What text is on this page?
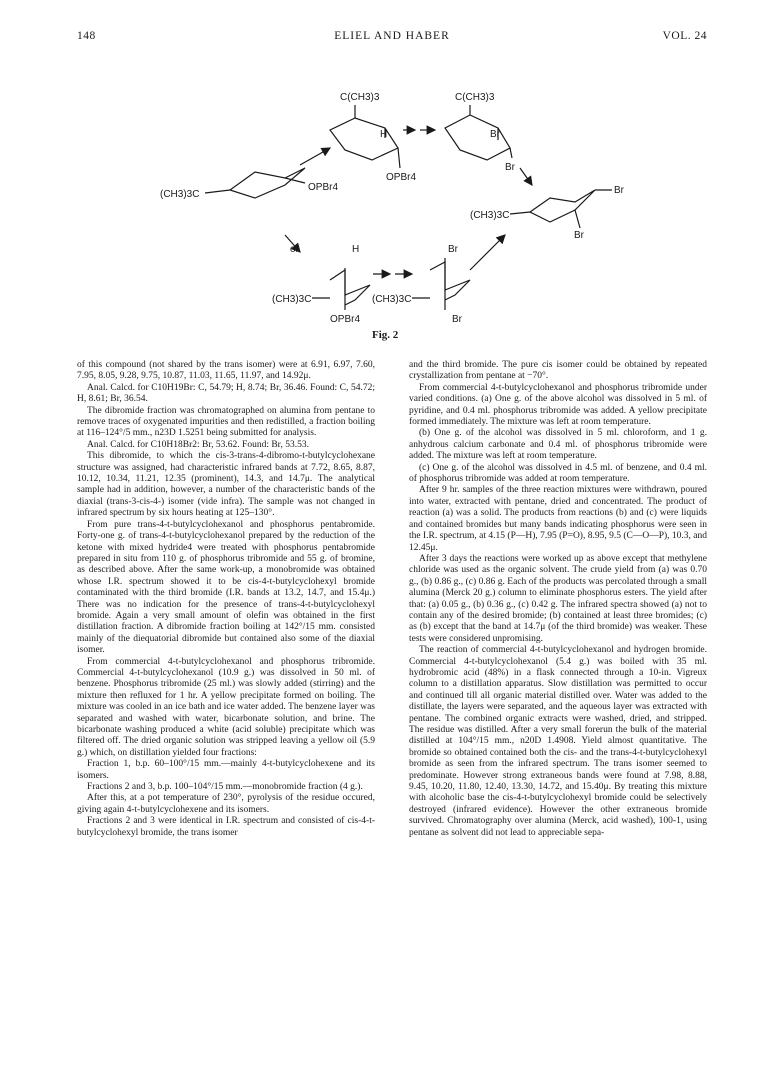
148	ELIEL AND HABER	VOL. 24
C(CH3)3	C(CH3)3
H	Br
OPBr4
Br
(CH3)3C
OPBr4
(CH3)3C
Br
Br
or	H	Br
(CH3)3C	(CH3)3C
OPBr4	Br
Fig. 2

of this compound (not shared by the trans isomer) were at 6.91, 6.97, 7.60, 7.95, 8.05, 9.28, 9.75, 10.87, 11.03, 11.65, 11.97, and 14.92μ.

Anal. Calcd. for C10H19Br: C, 54.79; H, 8.74; Br, 36.46. Found: C, 54.72; H, 8.61; Br, 36.54.

The dibromide fraction was chromatographed on alumina from pentane to remove traces of oxygenated impurities and then redistilled, a fraction boiling at 116–124°/5 mm., n23D 1.5251 being submitted for analysis.

Anal. Calcd. for C10H18Br2: Br, 53.62. Found: Br, 53.53.

This dibromide, to which the cis-3-trans-4-dibromo-t-butylcyclohexane structure was assigned, had characteristic infrared bands at 7.72, 8.65, 8.87, 10.12, 10.34, 11.21, 12.35 (prominent), 14.3, and 14.7μ. The analytical sample had in addition, however, a number of the characteristic bands of the diaxial (trans-3-cis-4-) isomer (vide infra). The sample was not changed in infrared spectrum by six hours heating at 125–130°.

From pure trans-4-t-butylcyclohexanol and phosphorus pentabromide. Forty-one g. of trans-4-t-butylcyclohexanol prepared by the reduction of the ketone with mixed hydride4 were treated with phosphorus pentabromide prepared in situ from 110 g. of phosphorus tribromide and 55 g. of bromine, as described above. After the same work-up, a monobromide was obtained whose I.R. spectrum showed it to be cis-4-t-butylcyclohexyl bromide contaminated with the third bromide (I.R. bands at 13.2, 14.7, and 15.4μ.) There was no indication for the presence of trans-4-t-butylcyclohexyl bromide. Again a very small amount of olefin was obtained in the first distillation fraction. A dibromide fraction boiling at 142°/15 mm. consisted mainly of the diequatorial dibromide but contained also some of the diaxial isomer.

From commercial 4-t-butylcyclohexanol and phosphorus tribromide. Commercial 4-t-butylcyclohexanol (10.9 g.) was dissolved in 50 ml. of benzene. Phosphorus tribromide (25 ml.) was slowly added (stirring) and the mixture then refluxed for 1 hr. A yellow precipitate formed on boiling. The mixture was cooled in an ice bath and ice water added. The benzene layer was separated and washed with water, bicarbonate solution, and brine. The bicarbonate washing produced a white (acid soluble) precipitate which was filtered off. The dried organic solution was stripped leaving a yellow oil (5.9 g.) which, on distillation yielded four fractions:

Fraction 1, b.p. 60–100°/15 mm.—mainly 4-t-butylcyclohexene and its isomers.

Fractions 2 and 3, b.p. 100–104°/15 mm.—monobromide fraction (4 g.).

After this, at a pot temperature of 230°, pyrolysis of the residue occured, giving again 4-t-butylcyclohexene and its isomers.

Fractions 2 and 3 were identical in I.R. spectrum and consisted of cis-4-t-butylcyclohexyl bromide, the trans isomer

and the third bromide. The pure cis isomer could be obtained by repeated crystallization from pentane at −70°.

From commercial 4-t-butylcyclohexanol and phosphorus tribromide under varied conditions. (a) One g. of the above alcohol was dissolved in 5 ml. of pyridine, and 0.4 ml. phosphorus tribromide was added. A yellow precipitate formed immediately. The mixture was left at room temperature.

(b) One g. of the alcohol was dissolved in 5 ml. chloroform, and 1 g. anhydrous calcium carbonate and 0.4 ml. of phosphorus tribromide were added. The mixture was left at room temperature.

(c) One g. of the alcohol was dissolved in 4.5 ml. of benzene, and 0.4 ml. of phosphorus tribromide was added at room temperature.

After 9 hr. samples of the three reaction mixtures were withdrawn, poured into water, extracted with pentane, dried and concentrated. The product of reaction (a) was a solid. The products from reactions (b) and (c) were liquids and contained bromides but many bands indicating phosphorus were seen in the I.R. spectrum, at 4.15 (P—H), 7.95 (P=O), 8.95, 9.5 (C—O—P), 10.3, and 12.45μ.

After 3 days the reactions were worked up as above except that methylene chloride was used as the organic solvent. The crude yield from (a) was 0.70 g., (b) 0.86 g., (c) 0.86 g. Each of the products was percolated through a small alumina (Merck 20 g.) column to eliminate phosphorus esters. The yield after that: (a) 0.05 g., (b) 0.36 g., (c) 0.42 g. The infrared spectra showed (a) not to contain any of the desired bromide; (b) contained at least three bromides; (c) as (b) except that the band at 14.7μ (of the third bromide) was weaker. These tests were considered unpromising.

The reaction of commercial 4-t-butylcyclohexanol and hydrogen bromide. Commercial 4-t-butylcyclohexanol (5.4 g.) was boiled with 35 ml. hydrobromic acid (48%) in a flask connected through a 10-in. Vigreux column to a distillation apparatus. Slow distillation was permitted to occur and continued till all organic material distilled over. Water was added to the distillate, the layers were separated, and the aqueous layer was extracted with pentane. The combined organic extracts were washed, dried, and stripped. The residue was distilled. After a very small forerun the bulk of the material distilled at 104°/15 mm., n20D 1.4908. Yield almost quantitative. The bromide so obtained contained both the cis- and the trans-4-t-butylcyclohexyl bromide as seen from the infrared spectrum. The trans isomer seemed to predominate. However strong extraneous bands were found at 7.98, 8.88, 9.45, 10.20, 11.80, 12.40, 13.30, 14.72, and 15.40μ. By treating this mixture with alcoholic base the cis-4-t-butylcyclohexyl bromide could be selectively destroyed (infrared evidence). However the other extraneous bromide survived. Chromatography over alumina (Merck, acid washed), 100-1, using pentane as solvent did not lead to appreciable sepa-
